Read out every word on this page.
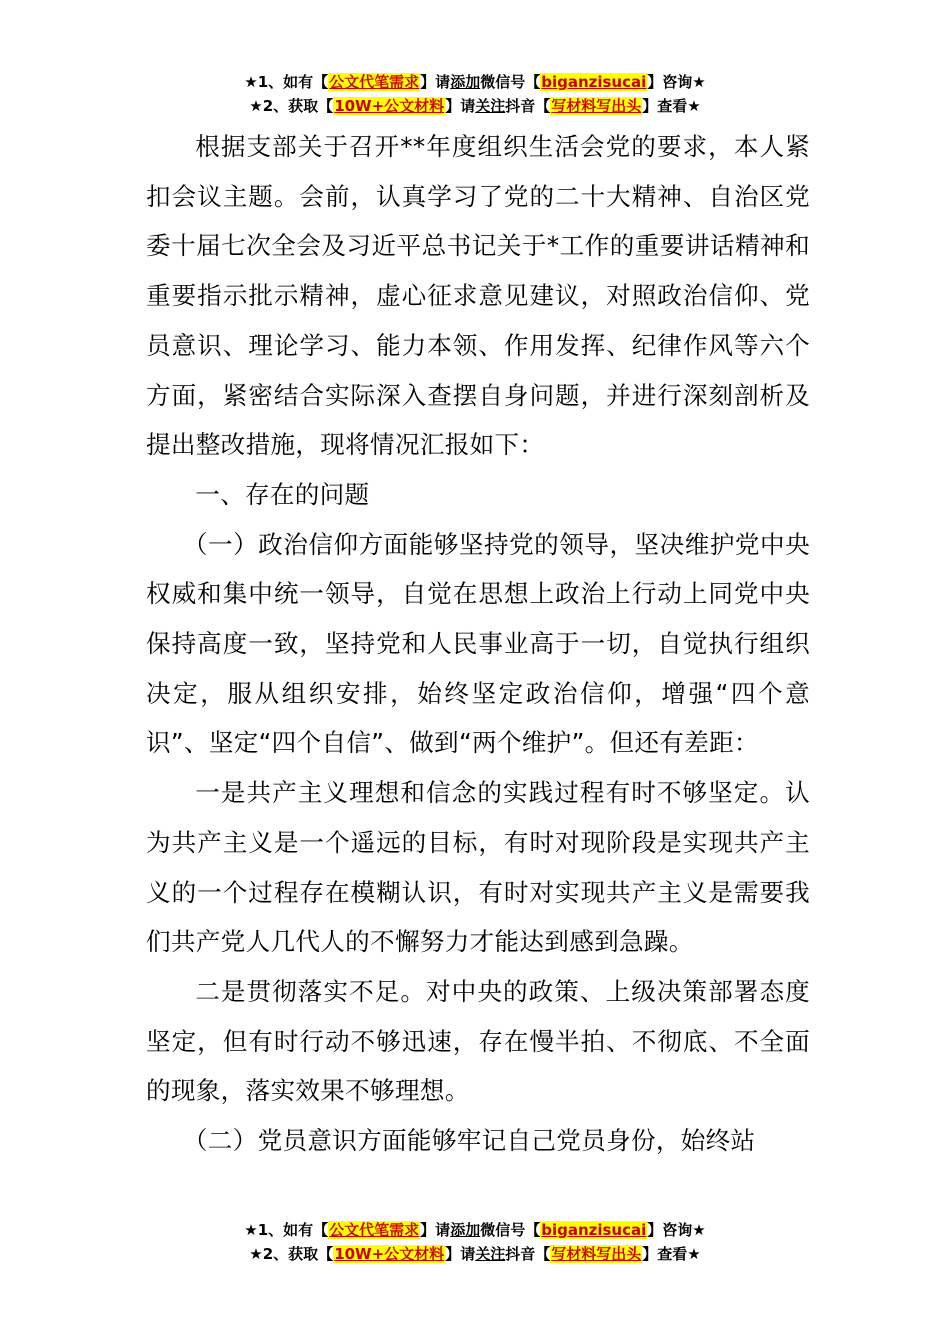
★1、如有【公文代笔需求】请添加微信号【biganzisucai】咨询★
★2、获取【10W+公文材料】请关注抖音【写材料写出头】查看★

根据支部关于召开**年度组织生活会党的要求，本人紧扣会议主题。会前，认真学习了党的二十大精神、自治区党委十届七次全会及习近平总书记关于*工作的重要讲话精神和重要指示批示精神，虚心征求意见建议，对照政治信仰、党员意识、理论学习、能力本领、作用发挥、纪律作风等六个方面，紧密结合实际深入查摆自身问题，并进行深刻剖析及提出整改措施，现将情况汇报如下：

一、存在的问题

（一）政治信仰方面能够坚持党的领导，坚决维护党中央权威和集中统一领导，自觉在思想上政治上行动上同党中央保持高度一致，坚持党和人民事业高于一切，自觉执行组织决定，服从组织安排，始终坚定政治信仰，增强“四个意识”、坚定“四个自信”、做到“两个维护”。但还有差距：

一是共产主义理想和信念的实践过程有时不够坚定。认为共产主义是一个遥远的目标，有时对现阶段是实现共产主义的一个过程存在模糊认识，有时对实现共产主义是需要我们共产党人几代人的不懈努力才能达到感到急躁。

二是贯彻落实不足。对中央的政策、上级决策部署态度坚定，但有时行动不够迅速，存在慢半拍、不彻底、不全面的现象，落实效果不够理想。

（二）党员意识方面能够牢记自己党员身份，始终站

★1、如有【公文代笔需求】请添加微信号【biganzisucai】咨询★
★2、获取【10W+公文材料】请关注抖音【写材料写出头】查看★
